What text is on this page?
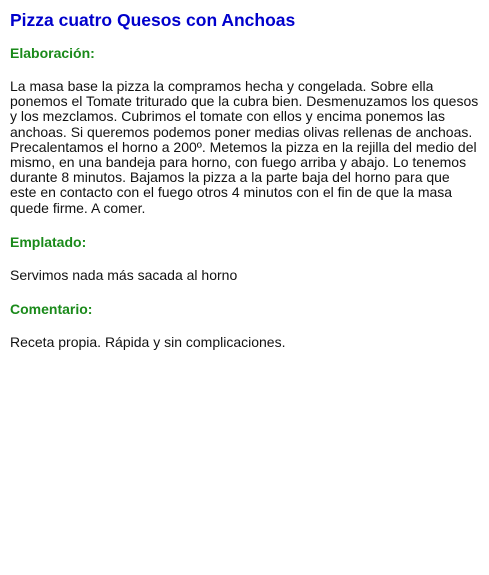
Pizza cuatro Quesos con Anchoas
Elaboración:
La masa base la pizza la compramos hecha y congelada. Sobre ella ponemos el Tomate triturado que la cubra bien. Desmenuzamos los quesos y los mezclamos. Cubrimos el tomate con ellos y encima ponemos las anchoas. Si queremos podemos poner medias olivas rellenas de anchoas. Precalentamos el horno a 200º. Metemos la pizza en la rejilla del medio del mismo, en una bandeja para horno, con fuego arriba y abajo. Lo tenemos durante 8 minutos. Bajamos la pizza a la parte baja del horno para que este en contacto con el fuego otros 4 minutos con el fin de que la masa quede firme. A comer.
Emplatado:
Servimos nada más sacada al horno
Comentario:
Receta propia. Rápida y sin complicaciones.
